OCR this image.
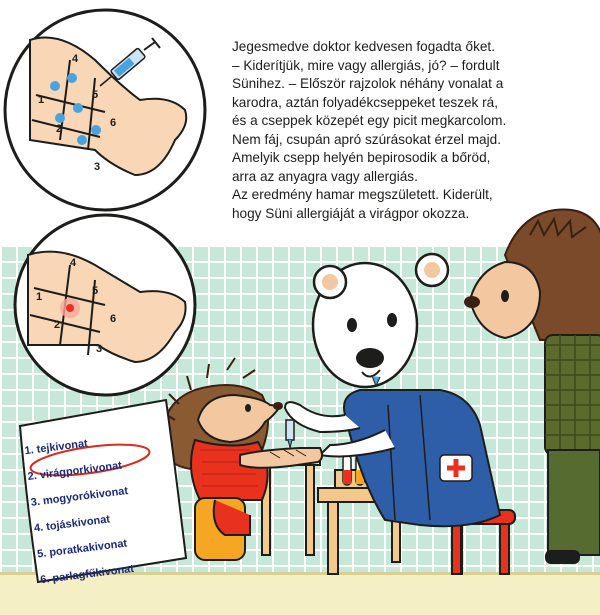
Jegesmedve doktor kedvesen fogadta őket.
– Kiderítjük, mire vagy allergiás, jó? – fordult
Sünihez. – Először rajzolok néhány vonalat a
karodra, aztán folyadékcseppeket teszek rá,
és a cseppek közepét egy picit megkarcolom.
Nem fáj, csupán apró szúrásokat érzel majd.
Amelyik csepp helyén bepirosodik a bőröd,
arra az anyagra vagy allergiás.
Az eredmény hamar megszületett. Kiderült,
hogy Süni allergiáját a virágpor okozza.

1
2
3
4
5
6
1
2
3
4
5
6
1. tejkivonat
2. virágporkivonat
3. mogyorókivonat
4. tojáskivonat
5. poratkakivonat
6. parlagfűkivonat
